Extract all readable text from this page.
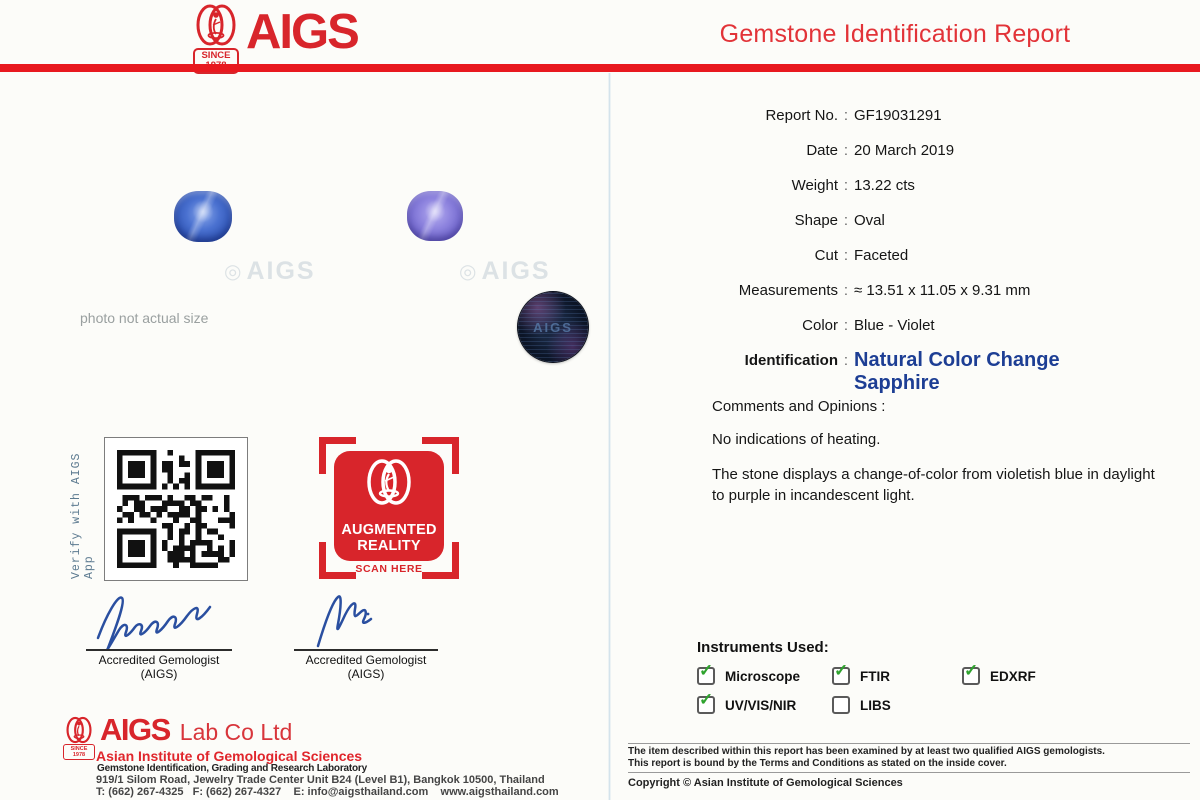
SINCE AIGS	Gemstone Identification Report
◎ AIGS	◎ AIGS
photo not actual size
AIGS
Verify with AIGS App
AUGMENTED
REALITY
SCAN HERE
Accredited Gemologist
(AIGS)
Accredited Gemologist
(AIGS)
Report No. : GF19031291
Date : 20 March 2019
Weight : 13.22 cts
Shape : Oval
Cut : Faceted
Measurements : ≈ 13.51 x 11.05 x 9.31 mm
Color : Blue - Violet
Identification : Natural Color Change Sapphire
Comments and Opinions :
No indications of heating.
The stone displays a change-of-color from violetish blue in daylight to purple in incandescent light.
Instruments Used:
✓ Microscope ✓ FTIR	✓ EDXRF
✓ UV/VIS/NIR	LIBS
SINCE
1978
AIGS Lab Co Ltd
Asian Institute of Gemological Sciences
Gemstone Identification, Grading and Research Laboratory
919/1 Silom Road, Jewelry Trade Center Unit B24 (Level B1), Bangkok 10500, Thailand
T: (662) 267-4325   F: (662) 267-4327    E: info@aigsthailand.com    www.aigsthailand.com
The item described within this report has been examined by at least two qualified AIGS gemologists.
This report is bound by the Terms and Conditions as stated on the inside cover.
Copyright © Asian Institute of Gemological Sciences
